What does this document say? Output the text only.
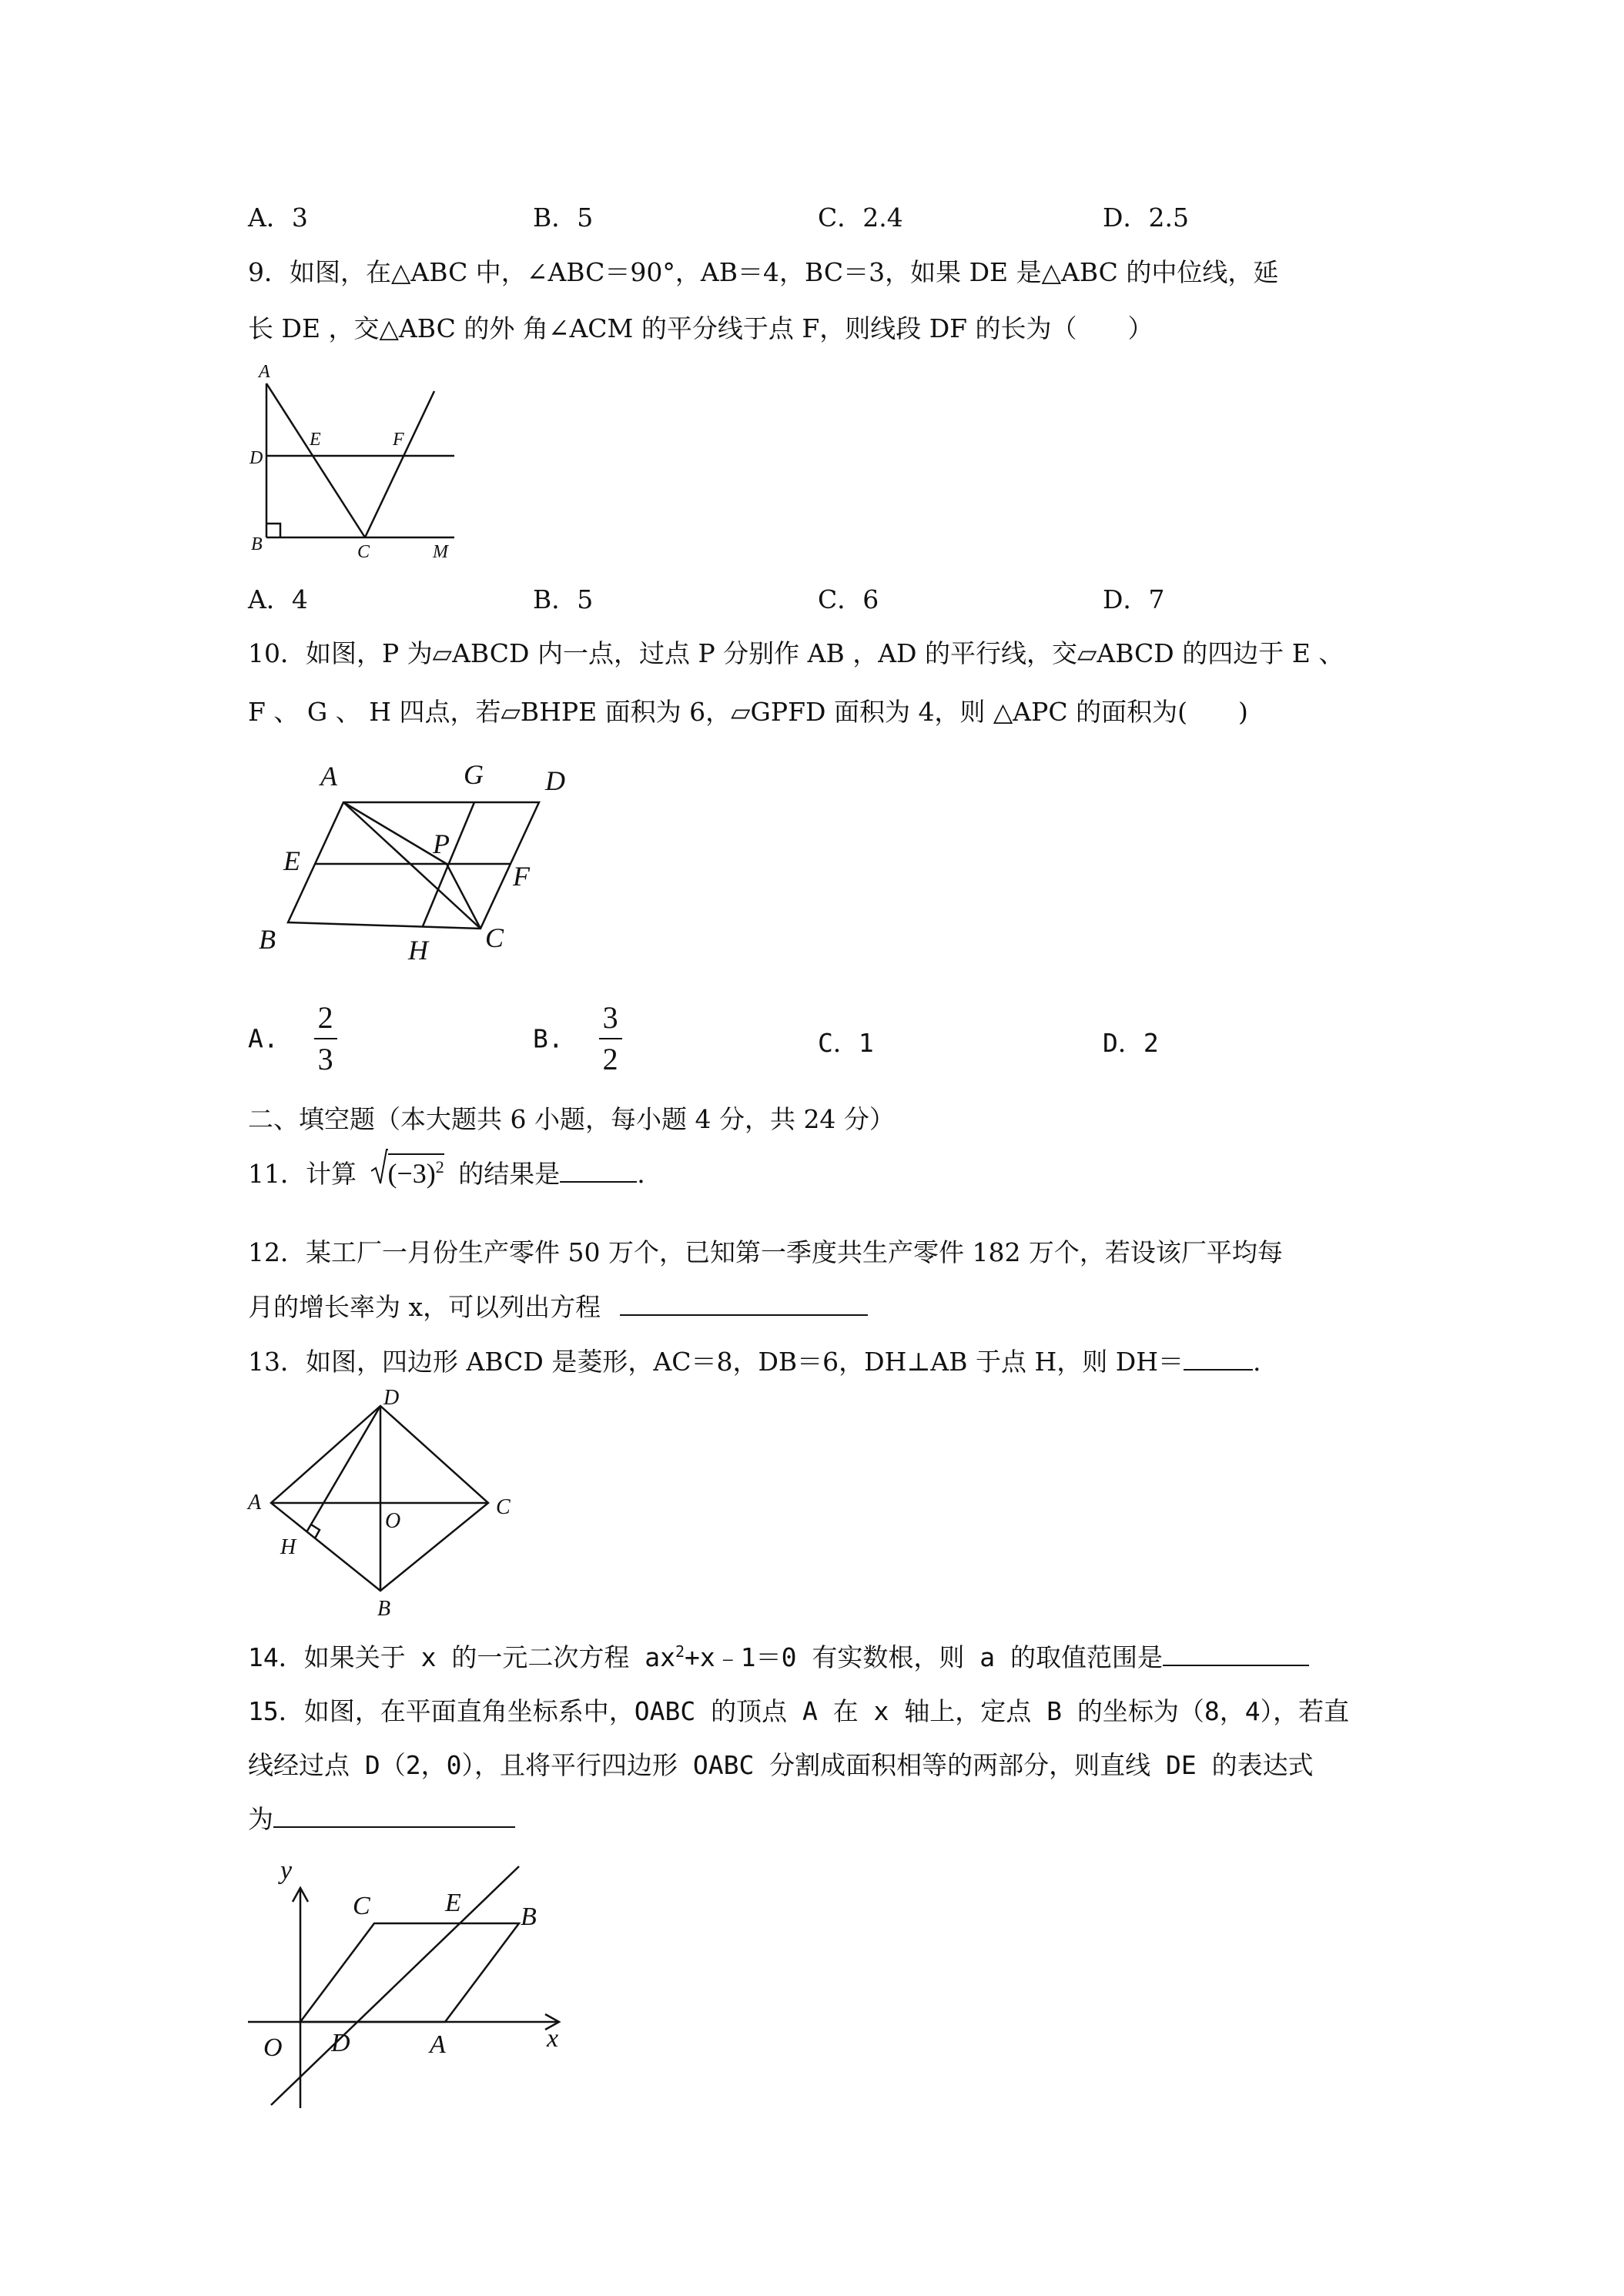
A．3	B．5	C．2.4	D．2.5
9．如图，在△ABC 中，∠ABC＝90°，AB＝4，BC＝3，如果 DE 是△ABC 的中位线，延
长 DE ，交△ABC 的外 角∠ACM 的平分线于点 F，则线段 DF 的长为（　　）
A
D
E	F
B	C	M
A．4	B．5	C．6	D．7
10．如图，P 为▱ABCD 内一点，过点 P 分别作 AB ，AD 的平行线，交▱ABCD 的四边于 E 、
F 、 G 、 H 四点，若▱BHPE 面积为 6，▱GPFD 面积为 4，则 △APC 的面积为(　　)
A	G D
E
P
F
B	H C
A. $\frac{2}{3}$	B. $\frac{3}{2}$	C．1	D．2
二、填空题（本大题共 6 小题，每小题 4 分，共 24 分）
11．计算 $(-3)^2$ 的结果是	.
12．某工厂一月份生产零件 50 万个，已知第一季度共生产零件 182 万个，若设该厂平均每
月的增长率为 x，可以列出方程
13．如图，四边形 ABCD 是菱形，AC＝8，DB＝6，DH⊥AB 于点 H，则 DH＝	.
D
A
O
C
H
B
14．如果关于 x 的一元二次方程 $ax^2+x﹣1=0$ 有实数根，则 a 的取值范围是
15．如图，在平面直角坐标系中，OABC 的顶点 A 在 x 轴上，定点 B 的坐标为（8，4），若直
线经过点 D（2，0），且将平行四边形 OABC 分割成面积相等的两部分，则直线 DE 的表达式
为
y
C	E B
O D	A	x
